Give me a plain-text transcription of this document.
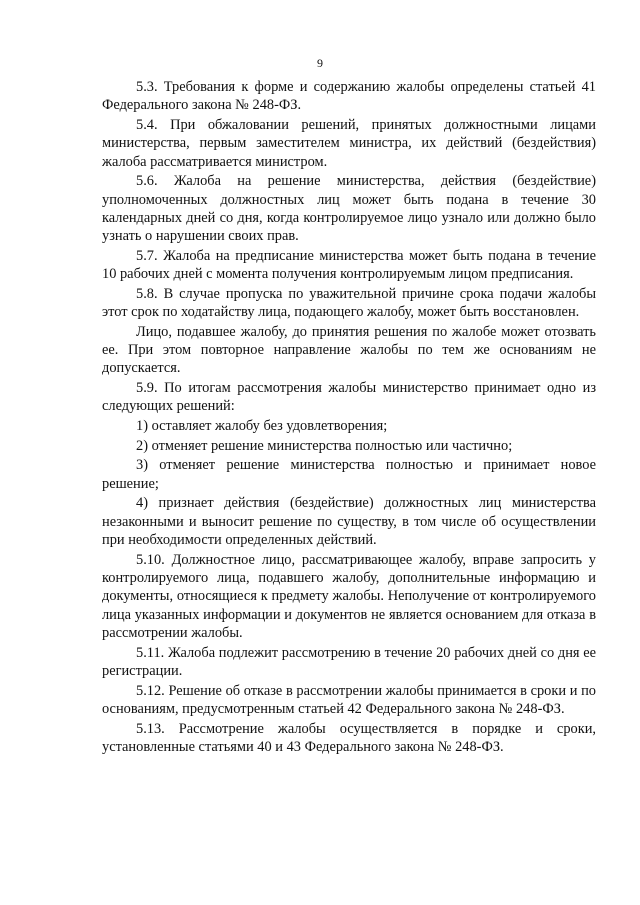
9

5.3. Требования к форме и содержанию жалобы определены статьей 41 Федерального закона № 248-ФЗ.

5.4. При обжаловании решений, принятых должностными лицами министерства, первым заместителем министра, их действий (бездействия) жалоба рассматривается министром.

5.6. Жалоба на решение министерства, действия (бездействие) уполномоченных должностных лиц может быть подана в течение 30 календарных дней со дня, когда контролируемое лицо узнало или должно было узнать о нарушении своих прав.

5.7. Жалоба на предписание министерства может быть подана в течение 10 рабочих дней с момента получения контролируемым лицом предписания.

5.8. В случае пропуска по уважительной причине срока подачи жалобы этот срок по ходатайству лица, подающего жалобу, может быть восстановлен.

Лицо, подавшее жалобу, до принятия решения по жалобе может отозвать ее. При этом повторное направление жалобы по тем же основаниям не допускается.

5.9. По итогам рассмотрения жалобы министерство принимает одно из следующих решений:

1) оставляет жалобу без удовлетворения;

2) отменяет решение министерства полностью или частично;

3) отменяет решение министерства полностью и принимает новое решение;

4) признает действия (бездействие) должностных лиц министерства незаконными и выносит решение по существу, в том числе об осуществлении при необходимости определенных действий.

5.10. Должностное лицо, рассматривающее жалобу, вправе запросить у контролируемого лица, подавшего жалобу, дополнительные информацию и документы, относящиеся к предмету жалобы. Неполучение от контролируемого лица указанных информации и документов не является основанием для отказа в рассмотрении жалобы.

5.11. Жалоба подлежит рассмотрению в течение 20 рабочих дней со дня ее регистрации.

5.12. Решение об отказе в рассмотрении жалобы принимается в сроки и по основаниям, предусмотренным статьей 42 Федерального закона № 248-ФЗ.

5.13. Рассмотрение жалобы осуществляется в порядке и сроки, установленные статьями 40 и 43 Федерального закона № 248-ФЗ.
